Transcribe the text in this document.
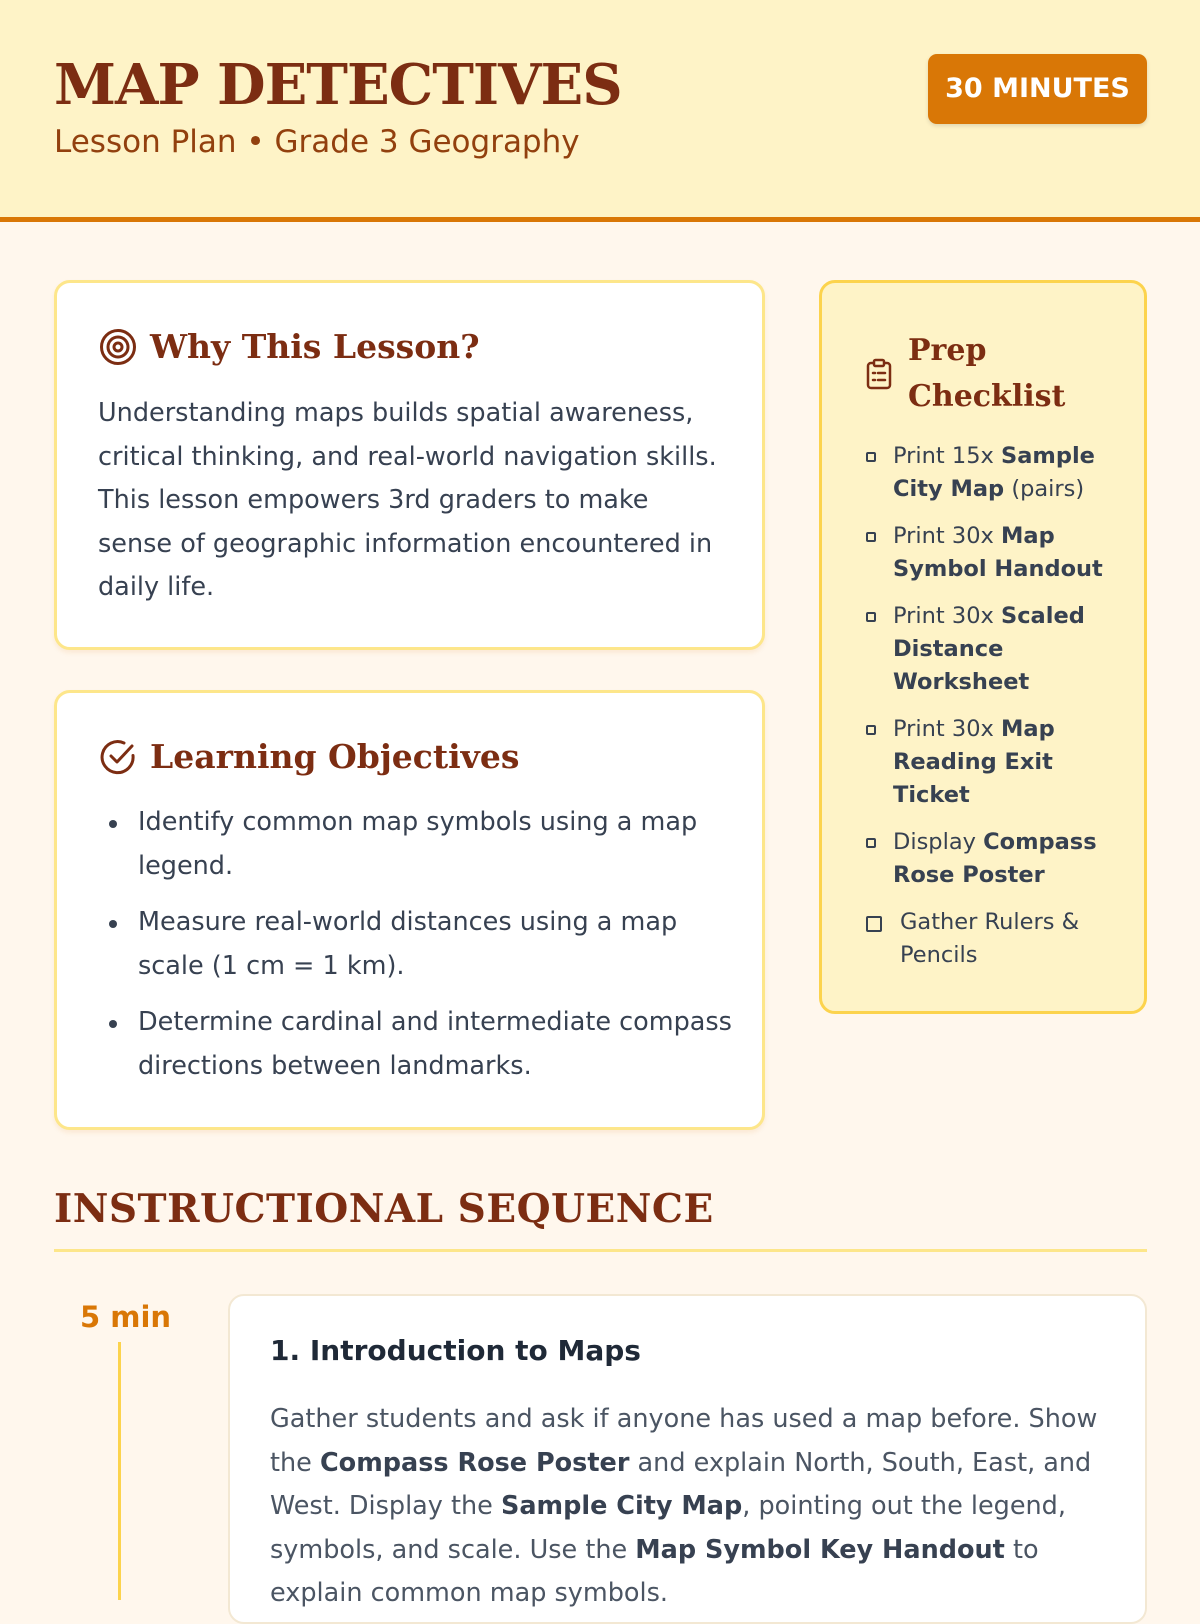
MAP DETECTIVES
Lesson Plan • Grade 3 Geography
30 MINUTES
Why This Lesson?

Understanding maps builds spatial awareness, critical thinking, and real-world navigation skills. This lesson empowers 3rd graders to make sense of geographic information encountered in daily life.

Learning Objectives
Identify common map symbols using a map legend.
Measure real-world distances using a map scale (1 cm = 1 km).
Determine cardinal and intermediate compass directions between landmarks.
Prep
Checklist
Print 15x Sample City Map (pairs)
Print 30x Map Symbol Handout
Print 30x Scaled Distance Worksheet
Print 30x Map Reading Exit Ticket
Display Compass Rose Poster
Gather Rulers & Pencils
INSTRUCTIONAL SEQUENCE
5 min
1. Introduction to Maps

Gather students and ask if anyone has used a map before. Show the Compass Rose Poster and explain North, South, East, and West. Display the Sample City Map, pointing out the legend, symbols, and scale. Use the Map Symbol Key Handout to explain common map symbols.
